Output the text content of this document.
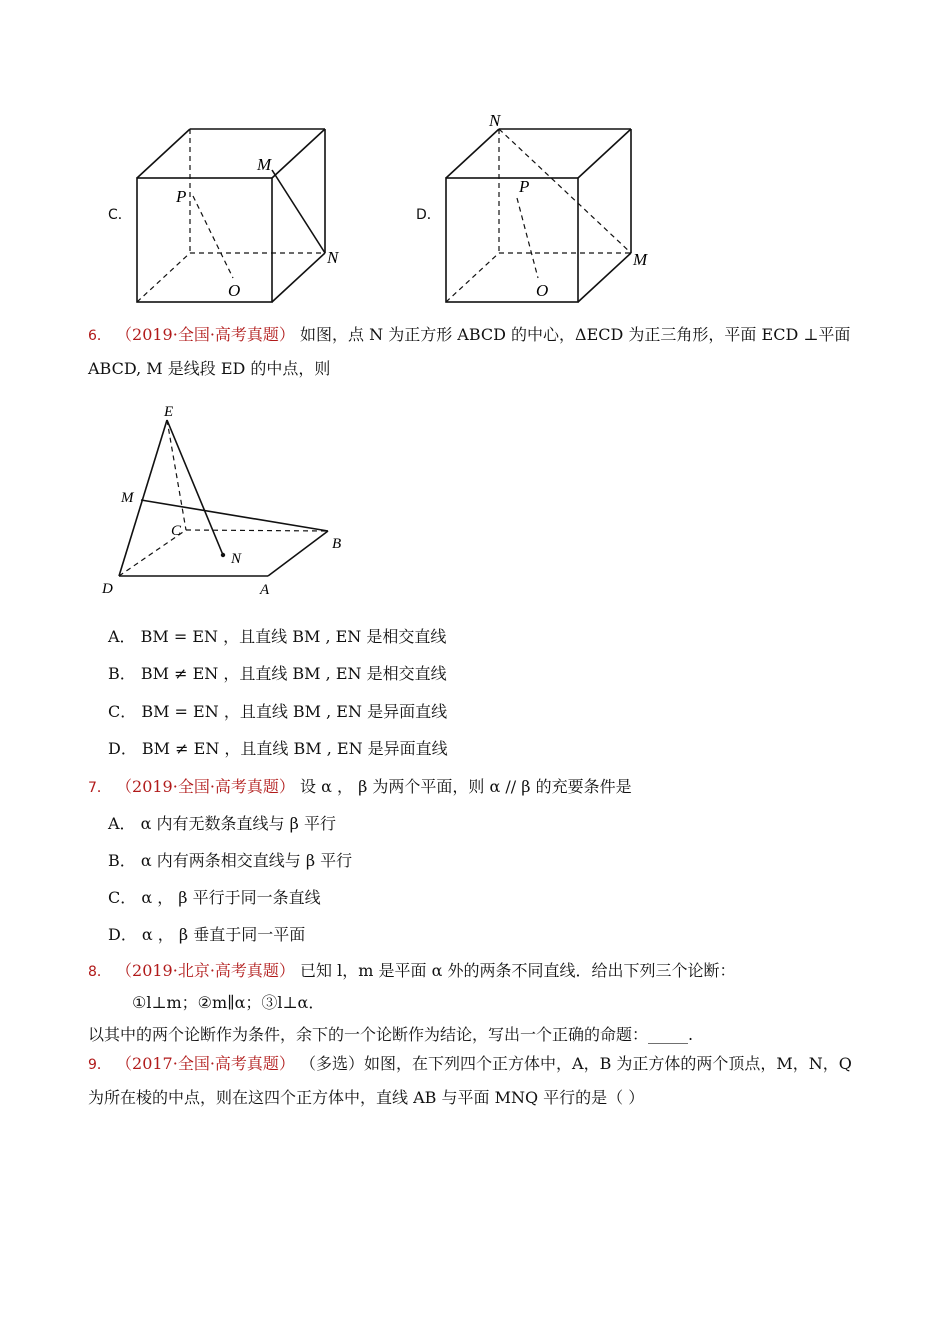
C．
P
M
N
O
D．
N
P
M
O
6． （2019·全国·高考真题） 如图，点 N 为正方形 ABCD 的中心，ΔECD 为正三角形，平面 ECD ⊥平面
ABCD, M 是线段 ED 的中点，则
E
M
C
N
B
D	A
A． BM = EN ，且直线 BM , EN 是相交直线
B． BM ≠ EN ，且直线 BM , EN 是相交直线
C． BM = EN ，且直线 BM , EN 是异面直线
D． BM ≠ EN ，且直线 BM , EN 是异面直线
7． （2019·全国·高考真题） 设 α ， β 为两个平面，则 α // β 的充要条件是
A． α 内有无数条直线与 β 平行
B． α 内有两条相交直线与 β 平行
C． α ， β 平行于同一条直线
D． α ， β 垂直于同一平面
8． （2019·北京·高考真题） 已知 l，m 是平面 α 外的两条不同直线．给出下列三个论断：
①l⊥m；②m∥α；③l⊥α．
以其中的两个论断作为条件，余下的一个论断作为结论，写出一个正确的命题：_____.
9． （2017·全国·高考真题） （多选）如图，在下列四个正方体中，A，B 为正方体的两个顶点，M，N，Q
为所在棱的中点，则在这四个正方体中，直线 AB 与平面 MNQ 平行的是（ ）
